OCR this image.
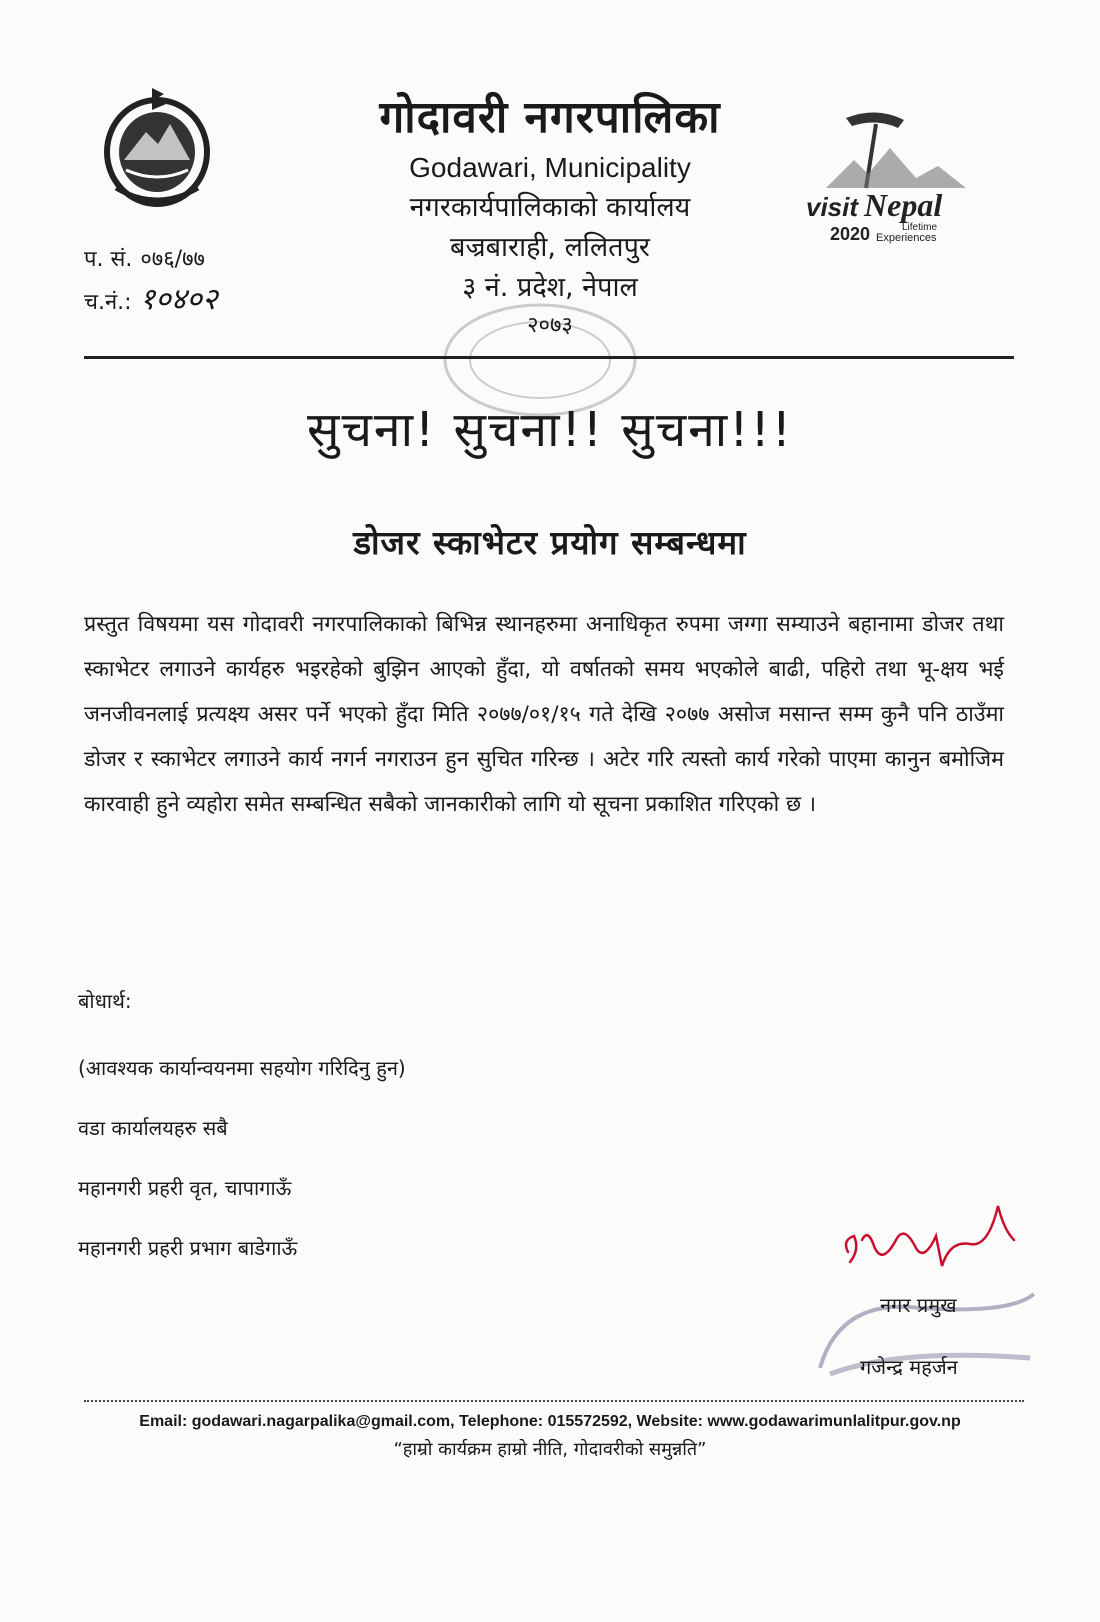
गोदावरी नगरपालिका
Godawari, Municipality
नगरकार्यपालिकाको कार्यालय
बज्रबाराही, ललितपुर
३ नं. प्रदेश, नेपाल
२०७३
visit Nepal
2020	Lifetime
Experiences
प. सं. ०७६/७७
च.नं.: १०४०२
सुचना! सुचना!! सुचना!!!
डोजर स्काभेटर प्रयोग सम्बन्धमा
प्रस्तुत विषयमा यस गोदावरी नगरपालिकाको बिभिन्न स्थानहरुमा अनाधिकृत रुपमा जग्गा सम्याउने बहानामा डोजर तथा स्काभेटर लगाउने कार्यहरु भइरहेको बुझिन आएको हुँदा, यो वर्षातको समय भएकोले बाढी, पहिरो तथा भू-क्षय भई जनजीवनलाई प्रत्यक्ष्य असर पर्ने भएको हुँदा मिति २०७७/०१/१५ गते देखि २०७७ असोज मसान्त सम्म कुनै पनि ठाउँमा डोजर र स्काभेटर लगाउने कार्य नगर्न नगराउन हुन सुचित गरिन्छ । अटेर गरि त्यस्तो कार्य गरेको पाएमा कानुन बमोजिम कारवाही हुने व्यहोरा समेत सम्बन्धित सबैको जानकारीको लागि यो सूचना प्रकाशित गरिएको छ ।
बोधार्थ:
(आवश्यक कार्यान्वयनमा सहयोग गरिदिनु हुन)
वडा कार्यालयहरु सबै
महानगरी प्रहरी वृत, चापागाऊँ
महानगरी प्रहरी प्रभाग बाडेगाऊँ
नगर प्रमुख
गजेन्द्र महर्जन
Email: godawari.nagarpalika@gmail.com, Telephone: 015572592, Website: www.godawarimunlalitpur.gov.np
“हाम्रो कार्यक्रम हाम्रो नीति, गोदावरीको समुन्नति”
